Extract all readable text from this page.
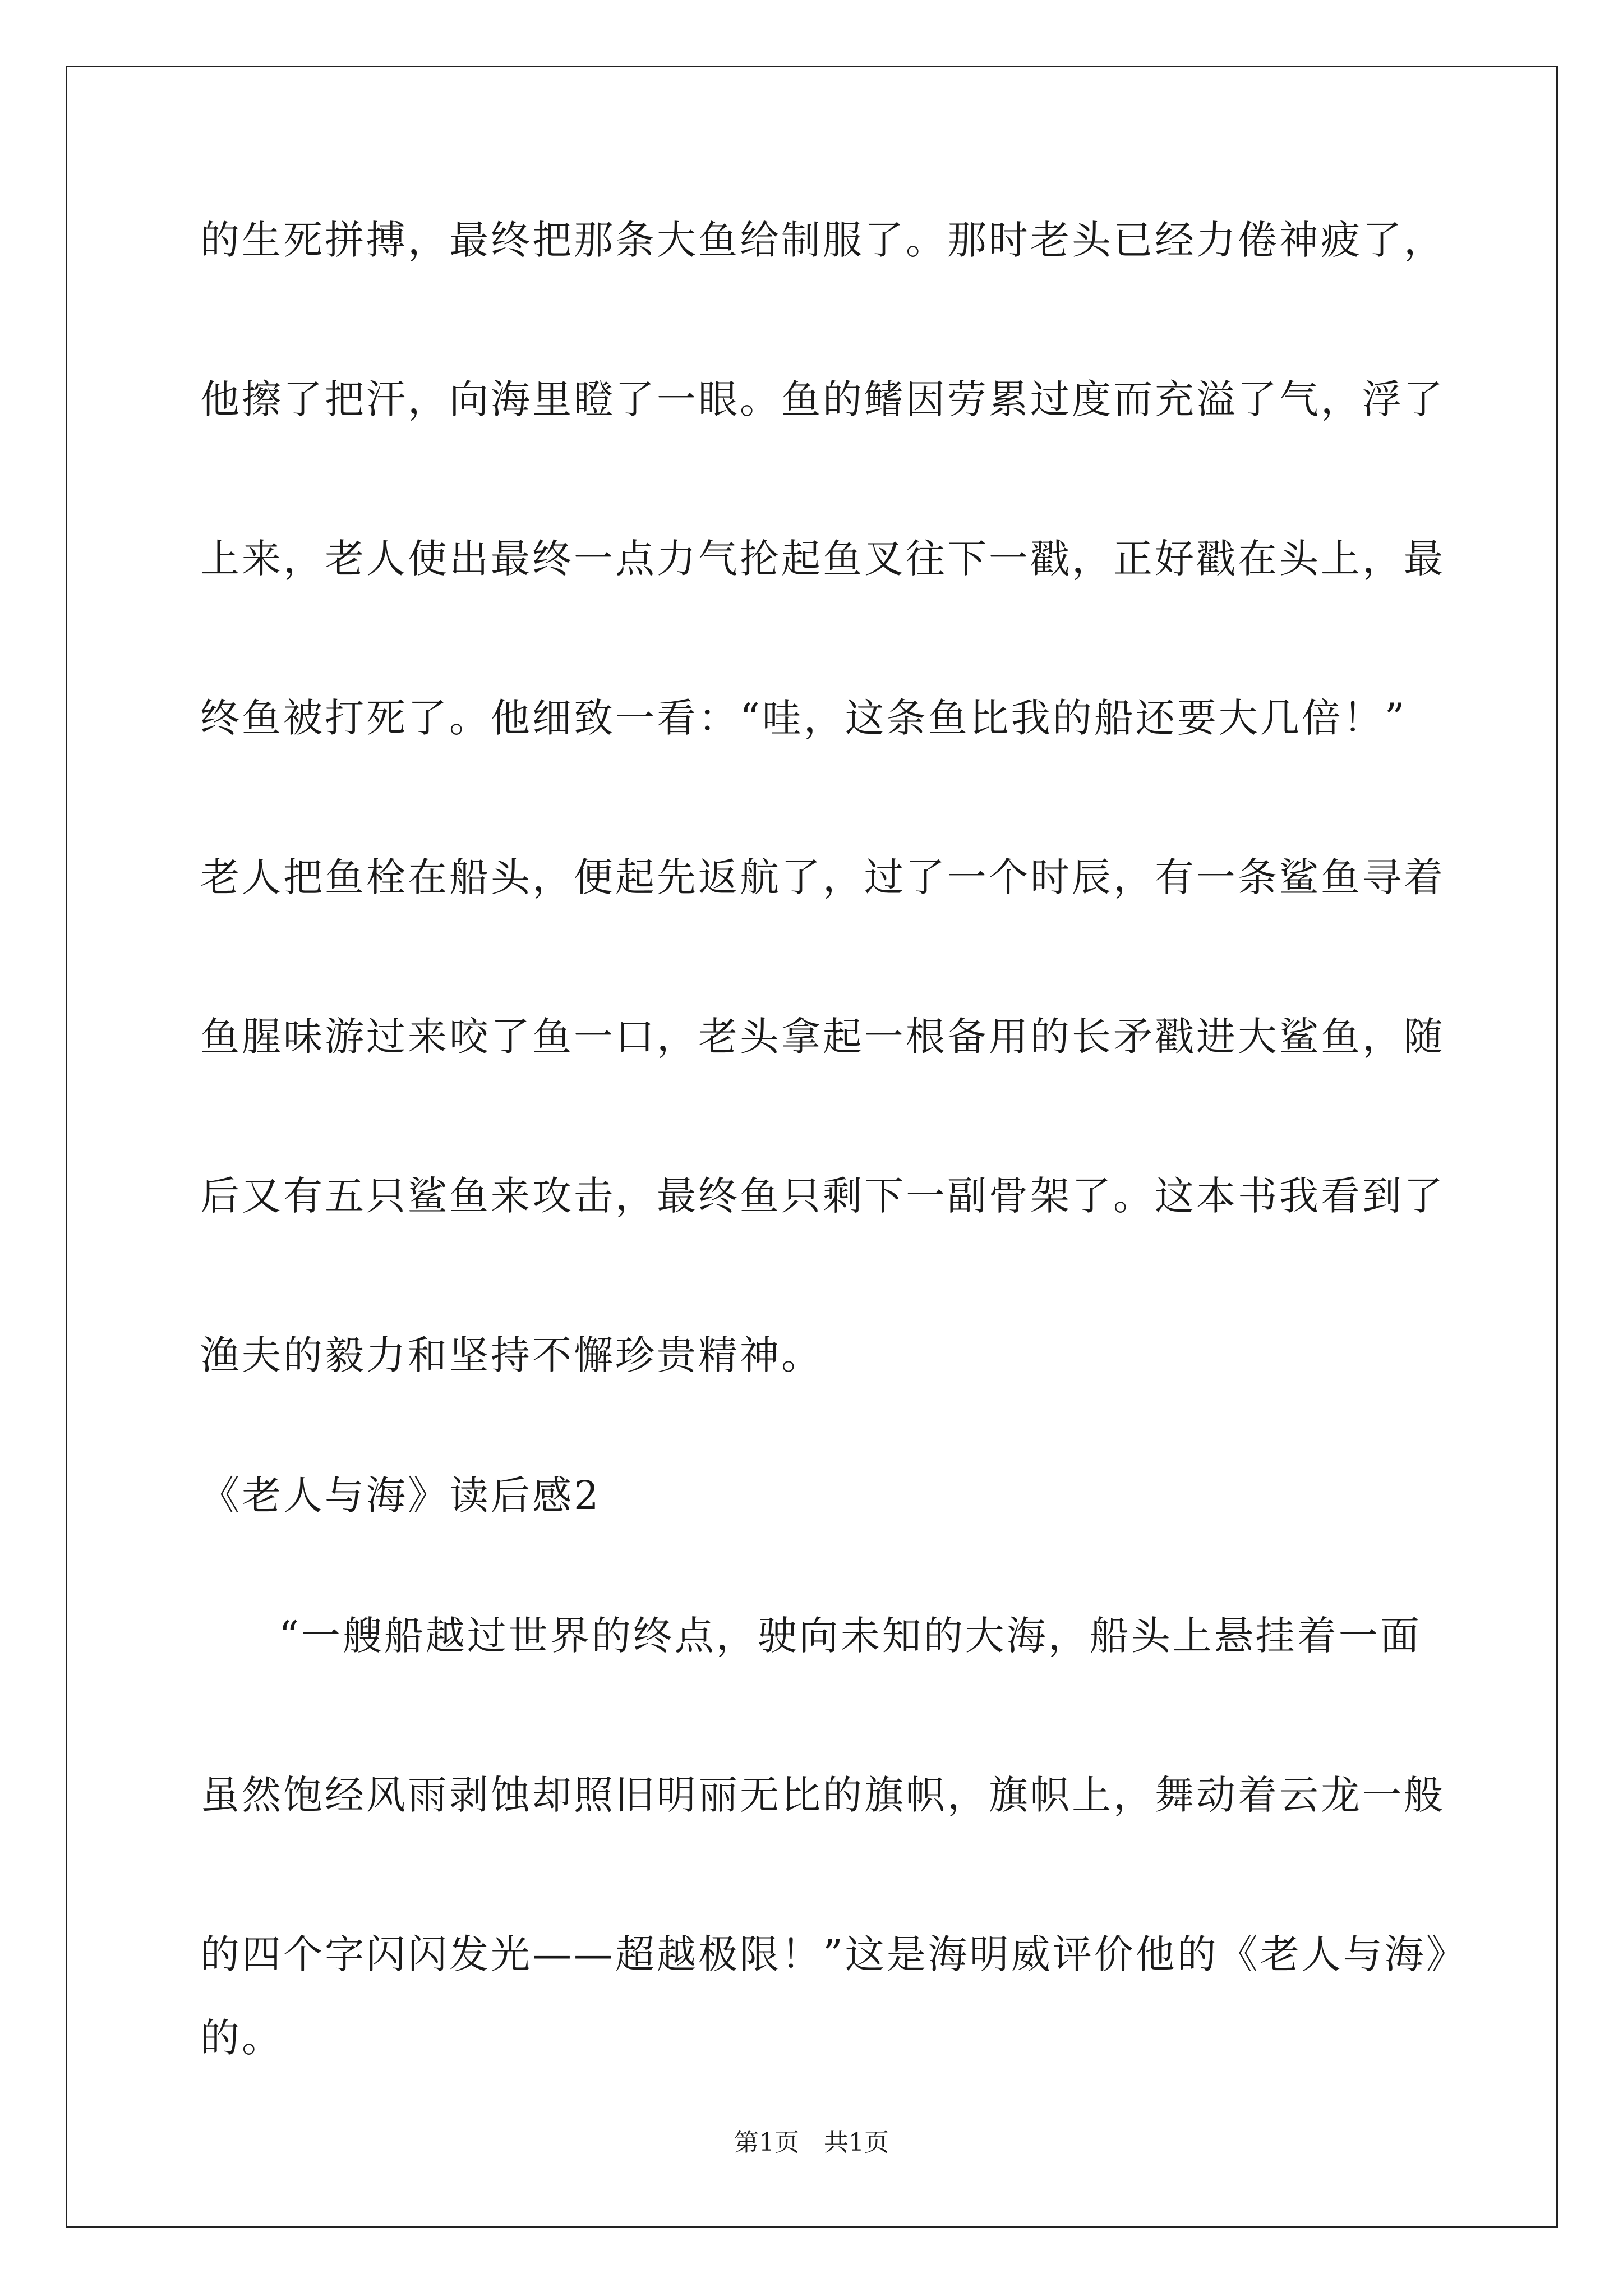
的生死拼搏，最终把那条大鱼给制服了。那时老头已经力倦神疲了，
他擦了把汗，向海里瞪了一眼。鱼的鳍因劳累过度而充溢了气，浮了
上来，老人使出最终一点力气抡起鱼叉往下一戳，正好戳在头上，最
终鱼被打死了。他细致一看：“哇，这条鱼比我的船还要大几倍！”
老人把鱼栓在船头，便起先返航了，过了一个时辰，有一条鲨鱼寻着
鱼腥味游过来咬了鱼一口，老头拿起一根备用的长矛戳进大鲨鱼，随
后又有五只鲨鱼来攻击，最终鱼只剩下一副骨架了。这本书我看到了
渔夫的毅力和坚持不懈珍贵精神。
《老人与海》读后感2
“一艘船越过世界的终点，驶向未知的大海，船头上悬挂着一面
虽然饱经风雨剥蚀却照旧明丽无比的旗帜，旗帜上，舞动着云龙一般
的四个字闪闪发光——超越极限！”这是海明威评价他的《老人与海》
的。
第1页　共1页
